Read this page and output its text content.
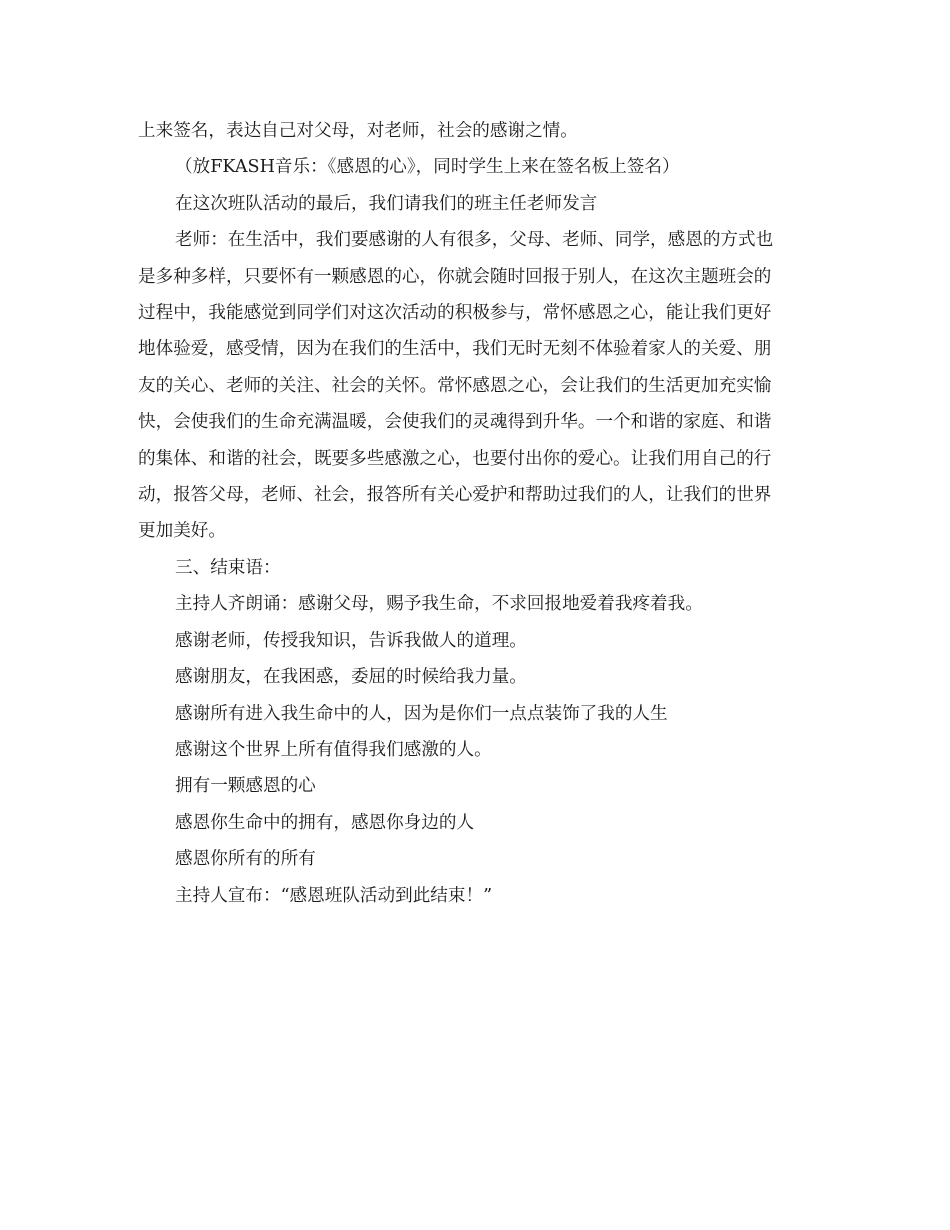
上来签名，表达自己对父母，对老师，社会的感谢之情。
（放FKASH音乐：《感恩的心》，同时学生上来在签名板上签名）
在这次班队活动的最后，我们请我们的班主任老师发言
老师：在生活中，我们要感谢的人有很多，父母、老师、同学，感恩的方式也
是多种多样，只要怀有一颗感恩的心，你就会随时回报于别人，在这次主题班会的
过程中，我能感觉到同学们对这次活动的积极参与，常怀感恩之心，能让我们更好
地体验爱，感受情，因为在我们的生活中，我们无时无刻不体验着家人的关爱、朋
友的关心、老师的关注、社会的关怀。常怀感恩之心，会让我们的生活更加充实愉
快，会使我们的生命充满温暖，会使我们的灵魂得到升华。一个和谐的家庭、和谐
的集体、和谐的社会，既要多些感激之心，也要付出你的爱心。让我们用自己的行
动，报答父母，老师、社会，报答所有关心爱护和帮助过我们的人，让我们的世界
更加美好。
三、结束语：
主持人齐朗诵：感谢父母，赐予我生命，不求回报地爱着我疼着我。
感谢老师，传授我知识，告诉我做人的道理。
感谢朋友，在我困惑，委屈的时候给我力量。
感谢所有进入我生命中的人，因为是你们一点点装饰了我的人生
感谢这个世界上所有值得我们感激的人。
拥有一颗感恩的心
感恩你生命中的拥有，感恩你身边的人
感恩你所有的所有
主持人宣布：“感恩班队活动到此结束！”
